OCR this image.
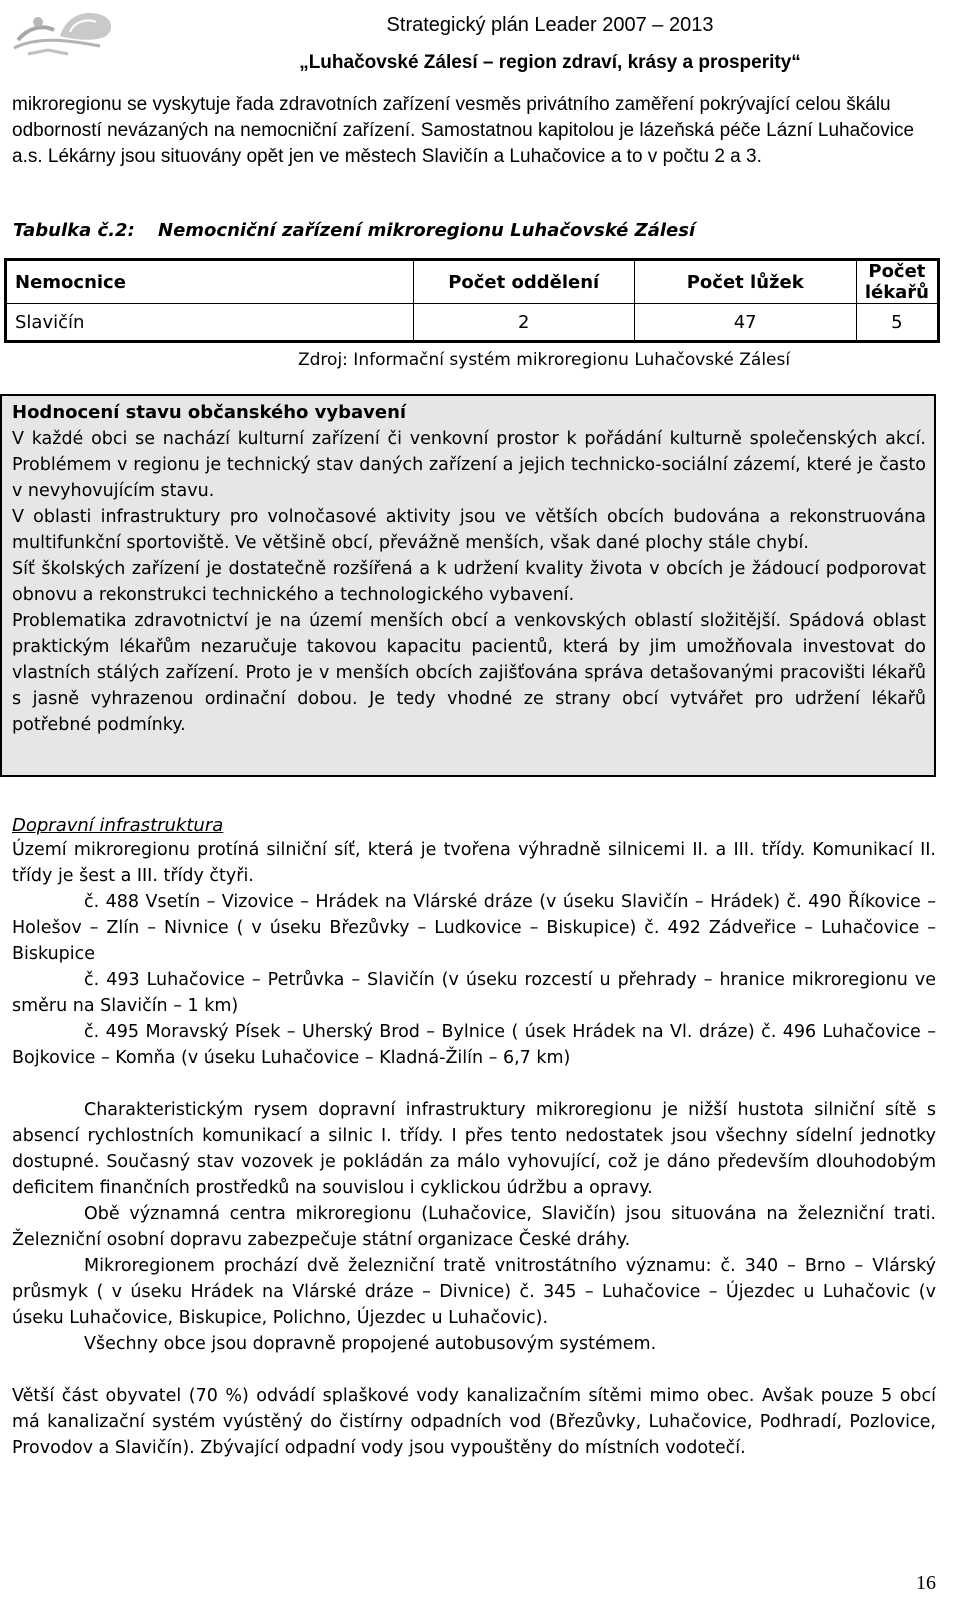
Strategický plán Leader 2007 – 2013
„Luhačovské Zálesí – region zdraví, krásy a prosperity“
mikroregionu se vyskytuje řada zdravotních zařízení vesměs privátního zaměření pokrývající celou škálu odborností nevázaných na nemocniční zařízení. Samostatnou kapitolou je lázeňská péče Lázní Luhačovice a.s. Lékárny jsou situovány opět jen ve městech Slavičín a Luhačovice a to v počtu 2 a 3.
Tabulka č.2: Nemocniční zařízení mikroregionu Luhačovské Zálesí
Nemocnice	Počet oddělení	Počet lůžek	Počet lékařů
Slavičín	2	47	5
Zdroj: Informační systém mikroregionu Luhačovské Zálesí
Hodnocení stavu občanského vybavení

V každé obci se nachází kulturní zařízení či venkovní prostor k pořádání kulturně společenských akcí. Problémem v regionu je technický stav daných zařízení a jejich technicko-sociální zázemí, které je často v nevyhovujícím stavu.

V oblasti infrastruktury pro volnočasové aktivity jsou ve větších obcích budována a rekonstruována multifunkční sportoviště. Ve většině obcí, převážně menších, však dané plochy stále chybí.

Síť školských zařízení je dostatečně rozšířená a k udržení kvality života v obcích je žádoucí podporovat obnovu a rekonstrukci technického a technologického vybavení.

Problematika zdravotnictví je na území menších obcí a venkovských oblastí složitější. Spádová oblast praktickým lékařům nezaručuje takovou kapacitu pacientů, která by jim umožňovala investovat do vlastních stálých zařízení. Proto je v menších obcích zajišťována správa detašovanými pracovišti lékařů s jasně vyhrazenou ordinační dobou. Je tedy vhodné ze strany obcí vytvářet pro udržení lékařů potřebné podmínky.

Dopravní infrastruktura

Území mikroregionu protíná silniční síť, která je tvořena výhradně silnicemi II. a III. třídy. Komunikací II. třídy je šest a III. třídy čtyři.

č. 488 Vsetín – Vizovice – Hrádek na Vlárské dráze (v úseku Slavičín – Hrádek) č. 490 Říkovice – Holešov – Zlín – Nivnice ( v úseku Březůvky – Ludkovice – Biskupice) č. 492 Zádveřice – Luhačovice – Biskupice

č. 493 Luhačovice – Petrůvka – Slavičín (v úseku rozcestí u přehrady – hranice mikroregionu ve směru na Slavičín – 1 km)

č. 495 Moravský Písek – Uherský Brod – Bylnice ( úsek Hrádek na Vl. dráze) č. 496 Luhačovice – Bojkovice – Komňa (v úseku Luhačovice – Kladná-Žilín – 6,7 km)

Charakteristickým rysem dopravní infrastruktury mikroregionu je nižší hustota silniční sítě s absencí rychlostních komunikací a silnic I. třídy. I přes tento nedostatek jsou všechny sídelní jednotky dostupné. Současný stav vozovek je pokládán za málo vyhovující, což je dáno především dlouhodobým deficitem finančních prostředků na souvislou i cyklickou údržbu a opravy.

Obě významná centra mikroregionu (Luhačovice, Slavičín) jsou situována na železniční trati. Železniční osobní dopravu zabezpečuje státní organizace České dráhy.

Mikroregionem prochází dvě železniční tratě vnitrostátního významu: č. 340 – Brno – Vlárský průsmyk ( v úseku Hrádek na Vlárské dráze – Divnice) č. 345 – Luhačovice – Újezdec u Luhačovic (v úseku Luhačovice, Biskupice, Polichno, Újezdec u Luhačovic).

Všechny obce jsou dopravně propojené autobusovým systémem.

Větší část obyvatel (70 %) odvádí splaškové vody kanalizačním sítěmi mimo obec. Avšak pouze 5 obcí má kanalizační systém vyústěný do čistírny odpadních vod (Březůvky, Luhačovice, Podhradí, Pozlovice, Provodov a Slavičín). Zbývající odpadní vody jsou vypouštěny do místních vodotečí.

16
